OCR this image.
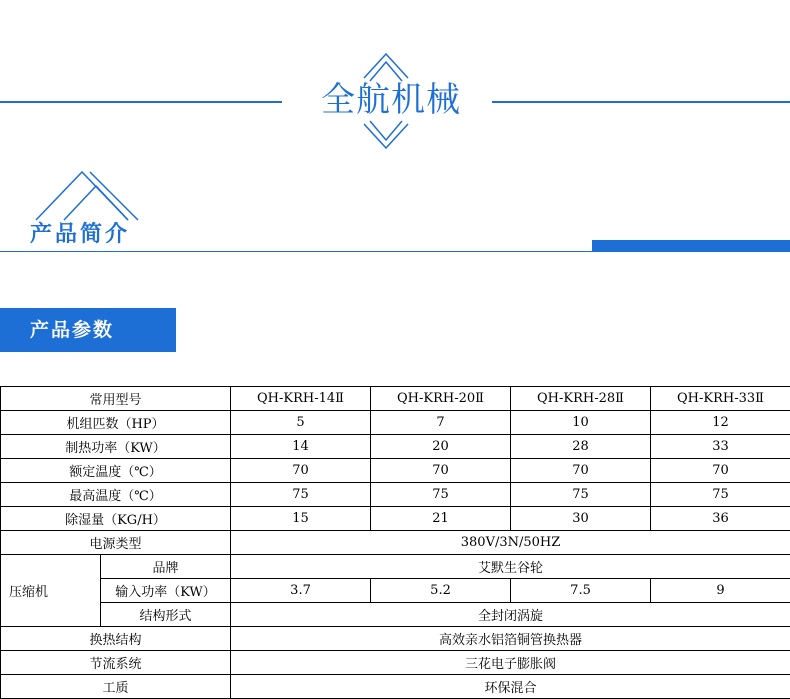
全航机械
产品简介
产品参数
常用型号		QH-KRH-14Ⅱ	QH-KRH-20Ⅱ	QH-KRH-28Ⅱ	QH-KRH-33Ⅱ
机组匹数（HP）		5	7	10	12
制热功率（KW）		14	20	28	33
额定温度（℃）		70	70	70	70
最高温度（℃）		75	75	75	75
除湿量（KG/H）		15	21	30	36
电源类型		380V/3N/50HZ			
压缩机	品牌	艾默生谷轮			
	输入功率（KW）	3.7	5.2	7.5	9
	结构形式	全封闭涡旋			
换热结构		高效亲水铝箔铜管换热器			
节流系统		三花电子膨胀阀			
工质		环保混合			
